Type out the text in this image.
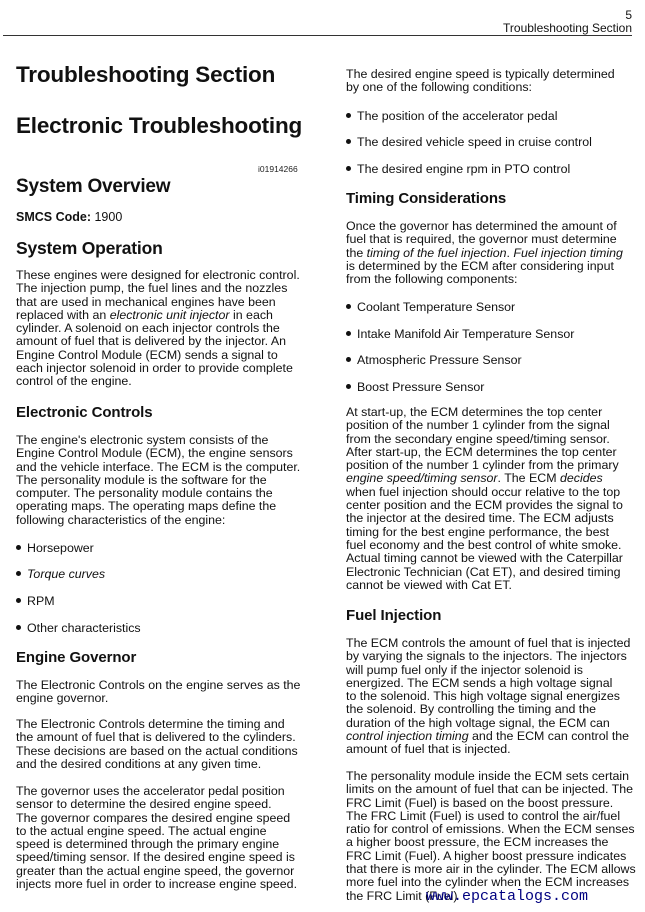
5
Troubleshooting Section
Troubleshooting Section
Electronic Troubleshooting
i01914266
System Overview
SMCS Code: 1900
System Operation
These engines were designed for electronic control.
The injection pump, the fuel lines and the nozzles
that are used in mechanical engines have been
replaced with an electronic unit injector in each
cylinder. A solenoid on each injector controls the
amount of fuel that is delivered by the injector. An
Engine Control Module (ECM) sends a signal to
each injector solenoid in order to provide complete
control of the engine.
Electronic Controls
The engine's electronic system consists of the
Engine Control Module (ECM), the engine sensors
and the vehicle interface. The ECM is the computer.
The personality module is the software for the
computer. The personality module contains the
operating maps. The operating maps define the
following characteristics of the engine:
Horsepower
Torque curves
RPM
Other characteristics
Engine Governor
The Electronic Controls on the engine serves as the
engine governor.
The Electronic Controls determine the timing and
the amount of fuel that is delivered to the cylinders.
These decisions are based on the actual conditions
and the desired conditions at any given time.
The governor uses the accelerator pedal position
sensor to determine the desired engine speed.
The governor compares the desired engine speed
to the actual engine speed. The actual engine
speed is determined through the primary engine
speed/timing sensor. If the desired engine speed is
greater than the actual engine speed, the governor
injects more fuel in order to increase engine speed.
The desired engine speed is typically determined
by one of the following conditions:
The position of the accelerator pedal
The desired vehicle speed in cruise control
The desired engine rpm in PTO control
Timing Considerations
Once the governor has determined the amount of
fuel that is required, the governor must determine
the timing of the fuel injection. Fuel injection timing
is determined by the ECM after considering input
from the following components:
Coolant Temperature Sensor
Intake Manifold Air Temperature Sensor
Atmospheric Pressure Sensor
Boost Pressure Sensor
At start-up, the ECM determines the top center
position of the number 1 cylinder from the signal
from the secondary engine speed/timing sensor.
After start-up, the ECM determines the top center
position of the number 1 cylinder from the primary
engine speed/timing sensor. The ECM decides
when fuel injection should occur relative to the top
center position and the ECM provides the signal to
the injector at the desired time. The ECM adjusts
timing for the best engine performance, the best
fuel economy and the best control of white smoke.
Actual timing cannot be viewed with the Caterpillar
Electronic Technician (Cat ET), and desired timing
cannot be viewed with Cat ET.
Fuel Injection
The ECM controls the amount of fuel that is injected
by varying the signals to the injectors. The injectors
will pump fuel only if the injector solenoid is
energized. The ECM sends a high voltage signal
to the solenoid. This high voltage signal energizes
the solenoid. By controlling the timing and the
duration of the high voltage signal, the ECM can
control injection timing and the ECM can control the
amount of fuel that is injected.
The personality module inside the ECM sets certain
limits on the amount of fuel that can be injected. The
FRC Limit (Fuel) is based on the boost pressure.
The FRC Limit (Fuel) is used to control the air/fuel
ratio for control of emissions. When the ECM senses
a higher boost pressure, the ECM increases the
FRC Limit (Fuel). A higher boost pressure indicates
that there is more air in the cylinder. The ECM allows
more fuel into the cylinder when the ECM increases
the FRC Limit (Fuel)
www.epcatalogs.com
